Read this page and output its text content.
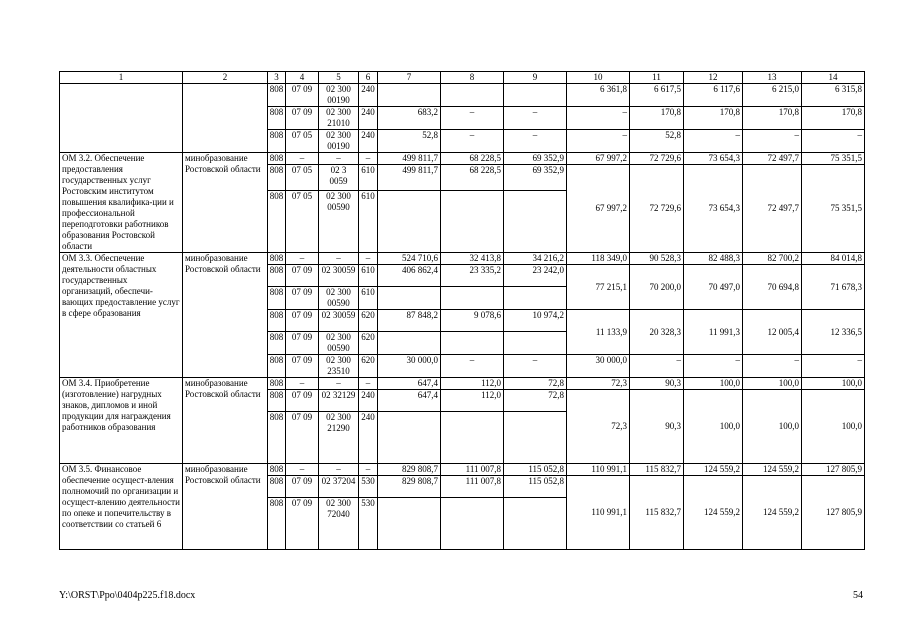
1	2	3	4	5	6	7	8	9	10	11	12	13	14
		808	07 09	02 300 00190	240				6 361,8	6 617,5	6 117,6	6 215,0	6 315,8
		808	07 09	02 300 21010	240	683,2	–	–	–	170,8	170,8	170,8	170,8
		808	07 05	02 300 00190	240	52,8	–	–	–	52,8	–	–	–
ОМ 3.2. Обеспечение предоставления государственных услуг Ростовским институтом повышения квалифика-ции и профессиональной переподготовки работников образования Ростовской области	минобразование Ростовской области	808	–	–	–	499 811,7	68 228,5	69 352,9	67 997,2	72 729,6	73 654,3	72 497,7	75 351,5
		808	07 05	02 3 0059	610	499 811,7	68 228,5	69 352,9	67 997,2	72 729,6	73 654,3	72 497,7	75 351,5
		808	07 05	02 300 00590	610								
ОМ 3.3. Обеспечение деятельности областных государственных организаций, обеспечи-вающих предоставление услуг в сфере образования	минобразование Ростовской области	808	–	–	–	524 710,6	32 413,8	34 216,2	118 349,0	90 528,3	82 488,3	82 700,2	84 014,8
		808	07 09	02 30059	610	406 862,4	23 335,2	23 242,0	77 215,1	70 200,0	70 497,0	70 694,8	71 678,3
		808	07 09	02 300 00590	610								
		808	07 09	02 30059	620	87 848,2	9 078,6	10 974,2	11 133,9	20 328,3	11 991,3	12 005,4	12 336,5
		808	07 09	02 300 00590	620								
		808	07 09	02 300 23510	620	30 000,0	–	–	30 000,0	–	–	–	–
ОМ 3.4. Приобретение (изготовление) нагрудных знаков, дипломов и иной продукции для награждения работников образования	минобразование Ростовской области	808	–	–	–	647,4	112,0	72,8	72,3	90,3	100,0	100,0	100,0
		808	07 09	02 32129	240	647,4	112,0	72,8	72,3	90,3	100,0	100,0	100,0
		808	07 09	02 300 21290	240								
ОМ 3.5. Финансовое обеспечение осущест-вления полномочий по организации и осущест-влению деятельности по опеке и попечительству в соответствии со статьей 6	минобразование Ростовской области	808	–	–	–	829 808,7	111 007,8	115 052,8	110 991,1	115 832,7	124 559,2	124 559,2	127 805,9
		808	07 09	02 37204	530	829 808,7	111 007,8	115 052,8	110 991,1	115 832,7	124 559,2	124 559,2	127 805,9
		808	07 09	02 300 72040	530								
Y:\ORST\Ppo\0404p225.f18.docx	54
